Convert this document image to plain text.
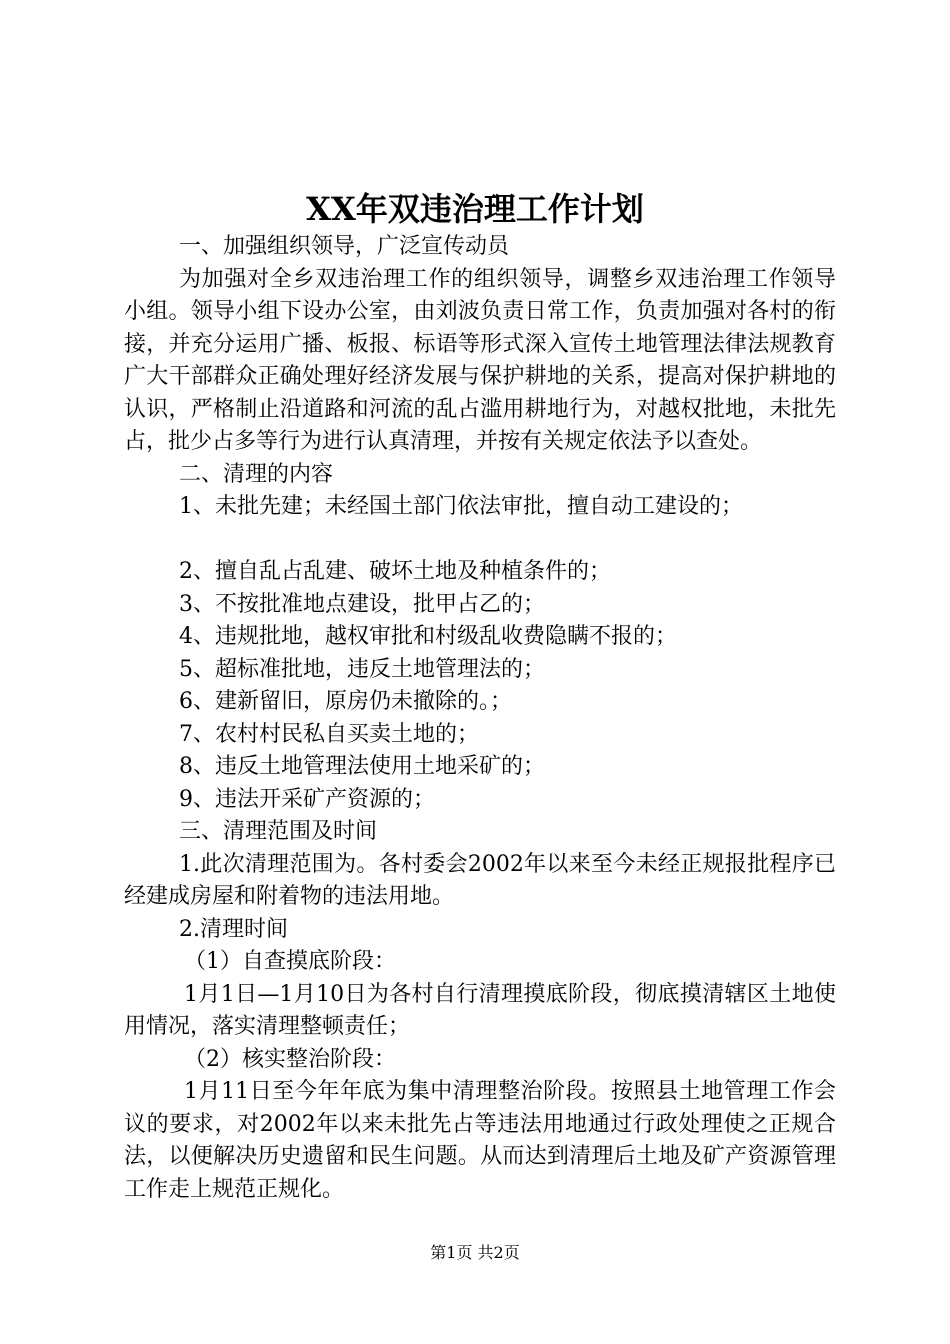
XX年双违治理工作计划

一、加强组织领导，广泛宣传动员

为加强对全乡双违治理工作的组织领导，调整乡双违治理工作领导小组。领导小组下设办公室，由刘波负责日常工作，负责加强对各村的衔接，并充分运用广播、板报、标语等形式深入宣传土地管理法律法规教育广大干部群众正确处理好经济发展与保护耕地的关系，提高对保护耕地的认识，严格制止沿道路和河流的乱占滥用耕地行为，对越权批地，未批先占，批少占多等行为进行认真清理，并按有关规定依法予以查处。

二、清理的内容

1、未批先建；未经国土部门依法审批，擅自动工建设的；

2、擅自乱占乱建、破坏土地及种植条件的；

3、不按批准地点建设，批甲占乙的；

4、违规批地，越权审批和村级乱收费隐瞒不报的；

5、超标准批地，违反土地管理法的；

6、建新留旧，原房仍未撤除的。；

7、农村村民私自买卖土地的；

8、违反土地管理法使用土地采矿的；

9、违法开采矿产资源的；

三、清理范围及时间

1.此次清理范围为。各村委会2002年以来至今未经正规报批程序已经建成房屋和附着物的违法用地。

2.清理时间

（1）自查摸底阶段：

1月1日—1月10日为各村自行清理摸底阶段，彻底摸清辖区土地使用情况，落实清理整顿责任；

（2）核实整治阶段：

1月11日至今年年底为集中清理整治阶段。按照县土地管理工作会议的要求，对2002年以来未批先占等违法用地通过行政处理使之正规合法，以便解决历史遗留和民生问题。从而达到清理后土地及矿产资源管理工作走上规范正规化。

第1页 共2页
